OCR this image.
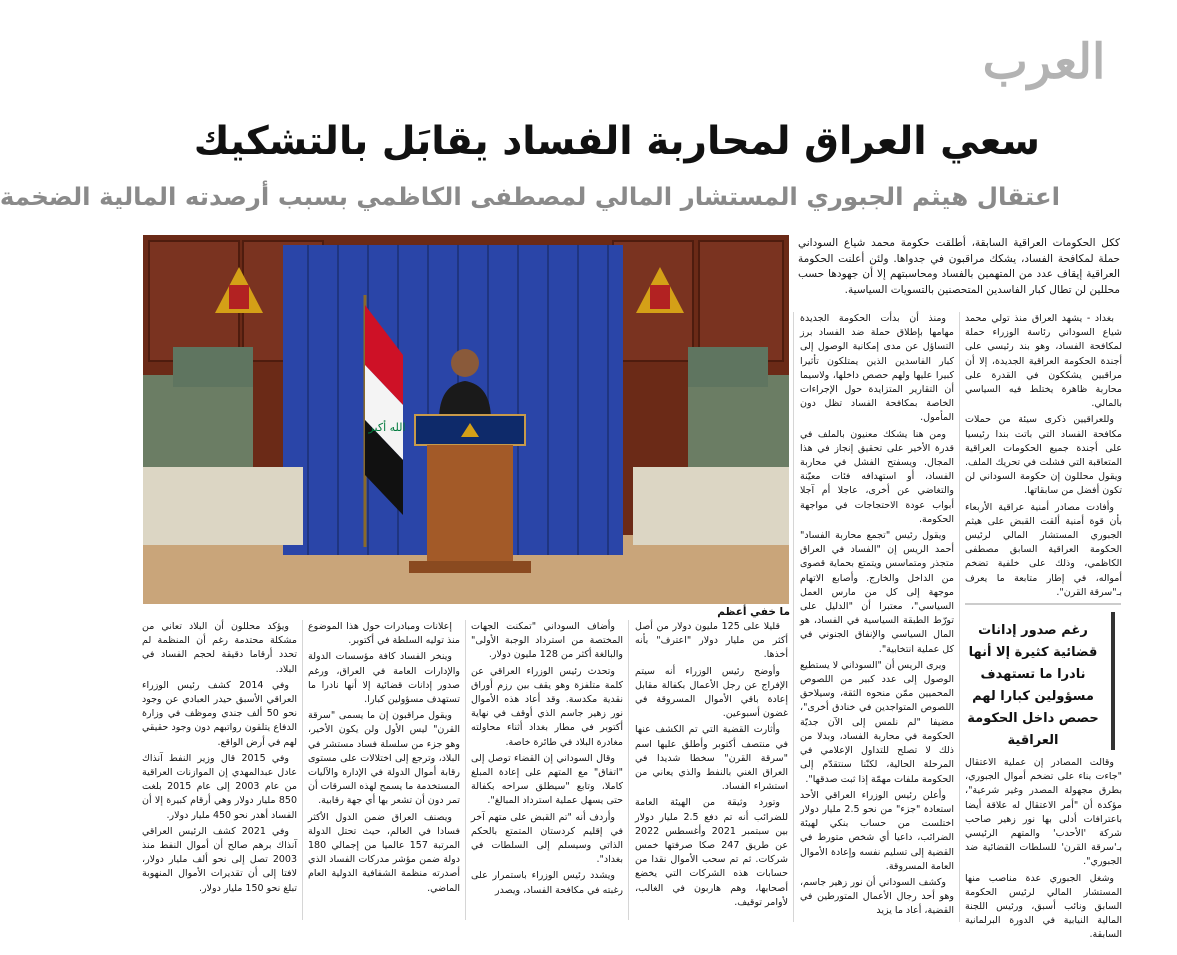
العرب
سعي العراق لمحاربة الفساد يقابَل بالتشكيك
اعتقال هيثم الجبوري المستشار المالي لمصطفى الكاظمي بسبب أرصدته المالية الضخمة
الله أكبر
ما خفي أعظم
ككل الحكومات العراقية السابقة، أطلقت حكومة محمد شياع السوداني حملة لمكافحة الفساد، يشكك مراقبون في جدواها. ولئن أعلنت الحكومة العراقية إيقاف عدد من المتهمين بالفساد ومحاسبتهم إلا أن جهودها حسب محللين لن تطال كبار الفاسدين المتحصنين بالتسويات السياسية.

بغداد - يشهد العراق منذ تولي محمد شياع السوداني رئاسة الوزراء حملة لمكافحة الفساد، وهو بند رئيسي على أجندة الحكومة العراقية الجديدة، إلا أن مراقبين يشككون في القدرة على محاربة ظاهرة يختلط فيه السياسي بالمالي.

وللعراقيين ذكرى سيئة من حملات مكافحة الفساد التي باتت بندا رئيسيا على أجندة جميع الحكومات العراقية المتعاقبة التي فشلت في تحريك الملف. ويقول محللون إن حكومة السوداني لن تكون أفضل من سابقاتها.

وأفادت مصادر أمنية عراقية الأربعاء بأن قوة أمنية ألقت القبض على هيثم الجبوري المستشار المالي لرئيس الحكومة العراقية السابق مصطفى الكاظمي، وذلك على خلفية تضخم أمواله، في إطار متابعة ما يعرف بـ"سرقة القرن".

رغم صدور إدانات قضائية كثيرة إلا أنها نادرا ما تستهدف مسؤولين كبارا لهم حصص داخل الحكومة العراقية

وقالت المصادر إن عملية الاعتقال "جاءت بناء على تضخم أموال الجبوري، بطرق مجهولة المصدر وغير شرعية"، مؤكدة أن "أمر الاعتقال له علاقة أيضا باعترافات أدلى بها نور زهير صاحب شركة 'الأحدب' والمتهم الرئيسي بـ'سرقة القرن' للسلطات القضائية ضد الجبوري".

وشغل الجبوري عدة مناصب منها المستشار المالي لرئيس الحكومة السابق ونائب أسبق، ورئيس اللجنة المالية النيابية في الدورة البرلمانية السابقة.

ومنذ أن بدأت الحكومة الجديدة مهامها بإطلاق حملة ضد الفساد برز التساؤل عن مدى إمكانية الوصول إلى كبار الفاسدين الذين يمتلكون تأثيرا كبيرا عليها ولهم حصص داخلها، ولاسيما أن التقارير المتزايدة حول الإجراءات الخاصة بمكافحة الفساد تظل دون المأمول.

ومن هنا يشكك معنيون بالملف في قدرة الأخير على تحقيق إنجاز في هذا المجال. ويسفتح الفشل في محاربة الفساد، أو استهدافه فئات معيّنة والتغاضي عن أخرى، عاجلا أم آجلا أبواب عودة الاحتجاجات في مواجهة الحكومة.

ويقول رئيس "تجمع محاربة الفساد" أحمد الريس إن "الفساد في العراق متجذر ومتماسس ويتمتع بحماية قصوى من الداخل والخارج. وأصابع الاتهام موجهة إلى كل من مارس العمل السياسي"، معتبرا أن "الدليل على تورّط الطبقة السياسية في الفساد، هو المال السياسي والإنفاق الجنوني في كل عملية انتخابية".

ويرى الريس أن "السوداني لا يستطيع الوصول إلى عدد كبير من اللصوص المحميين ممّن منحوه الثقة، وسيلاحق اللصوص المتواجدين في خنادق أخرى"، مضيفا "لم نلمس إلى الآن جديّة الحكومة في محاربة الفساد، وبدلا من ذلك لا تصلح للتداول الإعلامي في المرحلة الحالية، لكنّنا سنتقدّم إلى الحكومة ملفات مهمّة إذا ثبت صدقها".

وأعلن رئيس الوزراء العراقي الأحد استعادة "جزء" من نحو 2.5 مليار دولار اختلست من حساب بنكي لهيئة الضرائب، داعيا أي شخص متورط في القضية إلى تسليم نفسه وإعادة الأموال العامة المسروقة.

وكشف السوداني أن نور زهير جاسم، وهو أحد رجال الأعمال المتورطين في القضية، أعاد ما يزيد

قليلا على 125 مليون دولار من أصل أكثر من مليار دولار "اعترف" بأنه أخذها.

وأوضح رئيس الوزراء أنه سيتم الإفراج عن رجل الأعمال بكفالة مقابل إعادة باقي الأموال المسروقة في غضون أسبوعين.

وأثارت القضية التي تم الكشف عنها في منتصف أكتوبر وأطلق عليها اسم "سرقة القرن" سخطا شديدا في العراق الغني بالنفط والذي يعاني من استشراء الفساد.

وتورد وثيقة من الهيئة العامة للضرائب أنه تم دفع 2.5 مليار دولار بين سبتمبر 2021 وأغسطس 2022 عن طريق 247 صكا صرفتها خمس شركات. ثم تم سحب الأموال نقدا من حسابات هذه الشركات التي يخضع أصحابها، وهم هاربون في الغالب، لأوامر توقيف.

وأضاف السوداني "تمكنت الجهات المختصة من استرداد الوجبة الأولى" والبالغة أكثر من 128 مليون دولار.

وتحدث رئيس الوزراء العراقي عن كلمة متلفزة وهو يقف بين رزم أوراق نقدية مكدسة. وقد أعاد هذه الأموال نور زهير جاسم الذي أوقف في نهاية أكتوبر في مطار بغداد أثناء محاولته مغادرة البلاد في طائرة خاصة.

وقال السوداني إن القضاء توصل إلى "اتفاق" مع المتهم على إعادة المبلغ كاملا، وتابع "سيطلق سراحه بكفالة حتى يسهل عملية استرداد المبالغ".

وأردف أنه "تم القبض على متهم آخر في إقليم كردستان المتمتع بالحكم الذاتي وسيسلم إلى السلطات في بغداد".

ويشدد رئيس الوزراء باستمرار على رغبته في مكافحة الفساد، ويصدر

إعلانات ومبادرات حول هذا الموضوع منذ توليه السلطة في أكتوبر.

وينخر الفساد كافة مؤسسات الدولة والإدارات العامة في العراق، ورغم صدور إدانات قضائية إلا أنها نادرا ما تستهدف مسؤولين كبارا.

ويقول مراقبون إن ما يسمى "سرقة القرن" ليس الأول ولن يكون الأخير، وهو جزء من سلسلة فساد مستشر في البلاد، وترجع إلى اختلالات على مستوى رقابة أموال الدولة في الإدارة والآليات المستخدمة ما يسمح لهذه السرقات أن تمر دون أن تشعر بها أي جهة رقابية.

ويصنف العراق ضمن الدول الأكثر فسادا في العالم، حيث تحتل الدولة المرتبة 157 عالميا من إجمالي 180 دولة ضمن مؤشر مدركات الفساد الذي أصدرته منظمة الشفافية الدولية العام الماضي.

ويؤكد محللون أن البلاد تعاني من مشكلة محتدمة رغم أن المنظمة لم تحدد أرقاما دقيقة لحجم الفساد في البلاد.

وفي 2014 كشف رئيس الوزراء العراقي الأسبق حيدر العبادي عن وجود نحو 50 ألف جندي وموظف في وزارة الدفاع يتلقون رواتبهم دون وجود حقيقي لهم في أرض الواقع.

وفي 2015 قال وزير النفط آنذاك عادل عبدالمهدي إن الموازنات العراقية من عام 2003 إلى عام 2015 بلغت 850 مليار دولار وهي أرقام كبيرة إلا أن الفساد أهدر نحو 450 مليار دولار.

وفي 2021 كشف الرئيس العراقي آنذاك برهم صالح أن أموال النفط منذ 2003 تصل إلى نحو ألف مليار دولار، لافتا إلى أن تقديرات الأموال المنهوبة تبلغ نحو 150 مليار دولار.
